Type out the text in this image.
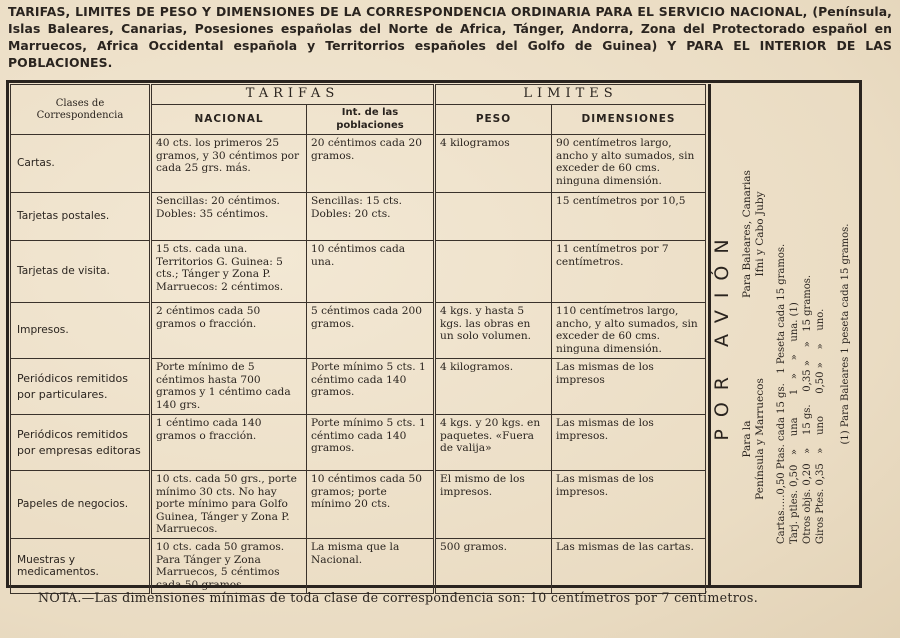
TARIFAS, LIMITES DE PESO Y DIMENSIONES DE LA CORRESPONDENCIA ORDINARIA PARA EL SERVICIO NACIONAL, (Península, Islas Baleares, Canarias, Posesiones españolas del Norte de Africa, Tánger, Andorra, Zona del Protectorado español en Marruecos, Africa Occidental española y Territorrios españoles del Golfo de Guinea) Y PARA EL INTERIOR DE LAS POBLACIONES.
Clases de Correspondencia	TARIFAS		LIMITES	
	NACIONAL	Int. de las poblaciones	PESO	DIMENSIONES
Cartas.	40 cts. los primeros 25 gramos, y 30 céntimos por cada 25 grs. más.	20 céntimos cada 20 gramos.	4 kilogramos	90 centímetros largo, ancho y alto sumados, sin exceder de 60 cms. ninguna dimensión.
Tarjetas postales.	Sencillas: 20 céntimos. Dobles: 35 céntimos.	Sencillas: 15 cts. Dobles: 20 cts.		15 centímetros por 10,5
Tarjetas de visita.	15 cts. cada una. Territorios G. Guinea: 5 cts.; Tánger y Zona P. Marruecos: 2 céntimos.	10 céntimos cada una.		11 centímetros por 7 centímetros.
Impresos.	2 céntimos cada 50 gramos o fracción.	5 céntimos cada 200 gramos.	4 kgs. y hasta 5 kgs. las obras en un solo volumen.	110 centímetros largo, ancho, y alto sumados, sin exceder de 60 cms. ninguna dimensión.
Periódicos remitidos por particulares.	Porte mínimo de 5 céntimos hasta 700 gramos y 1 céntimo cada 140 grs.	Porte mínimo 5 cts. 1 céntimo cada 140 gramos.	4 kilogramos.	Las mismas de los impresos
Periódicos remitidos por empresas editoras	1 céntimo cada 140 gramos o fracción.	Porte mínimo 5 cts. 1 céntimo cada 140 gramos.	4 kgs. y 20 kgs. en paquetes. «Fuera de valija»	Las mismas de los impresos.
Papeles de negocios.	10 cts. cada 50 grs., porte mínimo 30 cts. No hay porte mínimo para Golfo Guinea, Tánger y Zona P. Marruecos.	10 céntimos cada 50 gramos; porte mínimo 20 cts.	El mismo de los impresos.	Las mismas de los impresos.
Muestras y medicamentos.	10 cts. cada 50 gramos. Para Tánger y Zona Marruecos, 5 céntimos cada 50 gramos.	La misma que la Nacional.	500 gramos.	Las mismas de las cartas.
POR AVIÓN
Para la
Península y Marruecos
Para Baleares, Canarias
Ifni y Cabo Juby
Cartas.....0,50 Ptas. cada 15 gs.   1 Peseta cada 15 gramos.
Tarj. ptles. 0,50   »    una       1   »    »    una. (1)
Otros objs. 0,20   »    15 gs.    0,35 »    »   15 gramos.
Giros Ptes. 0,35   »    uno       0,50 »    »    uno. (1) Para Baleares 1 peseta cada 15 gramos.
NOTA.—Las dimensiones mínimas de toda clase de correspondencia son: 10 centímetros por 7 centímetros.
